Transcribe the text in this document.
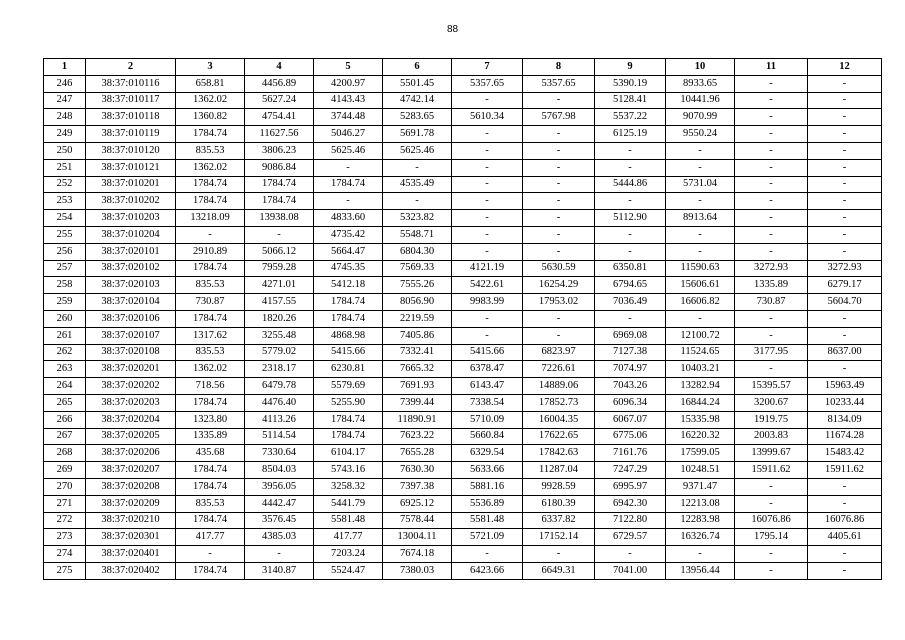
88
1	2	3	4	5	6	7	8	9	10	11	12
246	38:37:010116	658.81	4456.89	4200.97	5501.45	5357.65	5357.65	5390.19	8933.65	-	-
247	38:37:010117	1362.02	5627.24	4143.43	4742.14	-	-	5128.41	10441.96	-	-
248	38:37:010118	1360.82	4754.41	3744.48	5283.65	5610.34	5767.98	5537.22	9070.99	-	-
249	38:37:010119	1784.74	11627.56	5046.27	5691.78	-	-	6125.19	9550.24	-	-
250	38:37:010120	835.53	3806.23	5625.46	5625.46	-	-	-	-	-	-
251	38:37:010121	1362.02	9086.84	-	-	-	-	-	-	-	-
252	38:37:010201	1784.74	1784.74	1784.74	4535.49	-	-	5444.86	5731.04	-	-
253	38:37:010202	1784.74	1784.74	-	-	-	-	-	-	-	-
254	38:37:010203	13218.09	13938.08	4833.60	5323.82	-	-	5112.90	8913.64	-	-
255	38:37:010204	-	-	4735.42	5548.71	-	-	-	-	-	-
256	38:37:020101	2910.89	5066.12	5664.47	6804.30	-	-	-	-	-	-
257	38:37:020102	1784.74	7959.28	4745.35	7569.33	4121.19	5630.59	6350.81	11590.63	3272.93	3272.93
258	38:37:020103	835.53	4271.01	5412.18	7555.26	5422.61	16254.29	6794.65	15606.61	1335.89	6279.17
259	38:37:020104	730.87	4157.55	1784.74	8056.90	9983.99	17953.02	7036.49	16606.82	730.87	5604.70
260	38:37:020106	1784.74	1820.26	1784.74	2219.59	-	-	-	-	-	-
261	38:37:020107	1317.62	3255.48	4868.98	7405.86	-	-	6969.08	12100.72	-	-
262	38:37:020108	835.53	5779.02	5415.66	7332.41	5415.66	6823.97	7127.38	11524.65	3177.95	8637.00
263	38:37:020201	1362.02	2318.17	6230.81	7665.32	6378.47	7226.61	7074.97	10403.21	-	-
264	38:37:020202	718.56	6479.78	5579.69	7691.93	6143.47	14889.06	7043.26	13282.94	15395.57	15963.49
265	38:37:020203	1784.74	4476.40	5255.90	7399.44	7338.54	17852.73	6096.34	16844.24	3200.67	10233.44
266	38:37:020204	1323.80	4113.26	1784.74	11890.91	5710.09	16004.35	6067.07	15335.98	1919.75	8134.09
267	38:37:020205	1335.89	5114.54	1784.74	7623.22	5660.84	17622.65	6775.06	16220.32	2003.83	11674.28
268	38:37:020206	435.68	7330.64	6104.17	7655.28	6329.54	17842.63	7161.76	17599.05	13999.67	15483.42
269	38:37:020207	1784.74	8504.03	5743.16	7630.30	5633.66	11287.04	7247.29	10248.51	15911.62	15911.62
270	38:37:020208	1784.74	3956.05	3258.32	7397.38	5881.16	9928.59	6995.97	9371.47	-	-
271	38:37:020209	835.53	4442.47	5441.79	6925.12	5536.89	6180.39	6942.30	12213.08	-	-
272	38:37:020210	1784.74	3576.45	5581.48	7578.44	5581.48	6337.82	7122.80	12283.98	16076.86	16076.86
273	38:37:020301	417.77	4385.03	417.77	13004.11	5721.09	17152.14	6729.57	16326.74	1795.14	4405.61
274	38:37:020401	-	-	7203.24	7674.18	-	-	-	-	-	-
275	38:37:020402	1784.74	3140.87	5524.47	7380.03	6423.66	6649.31	7041.00	13956.44	-	-
